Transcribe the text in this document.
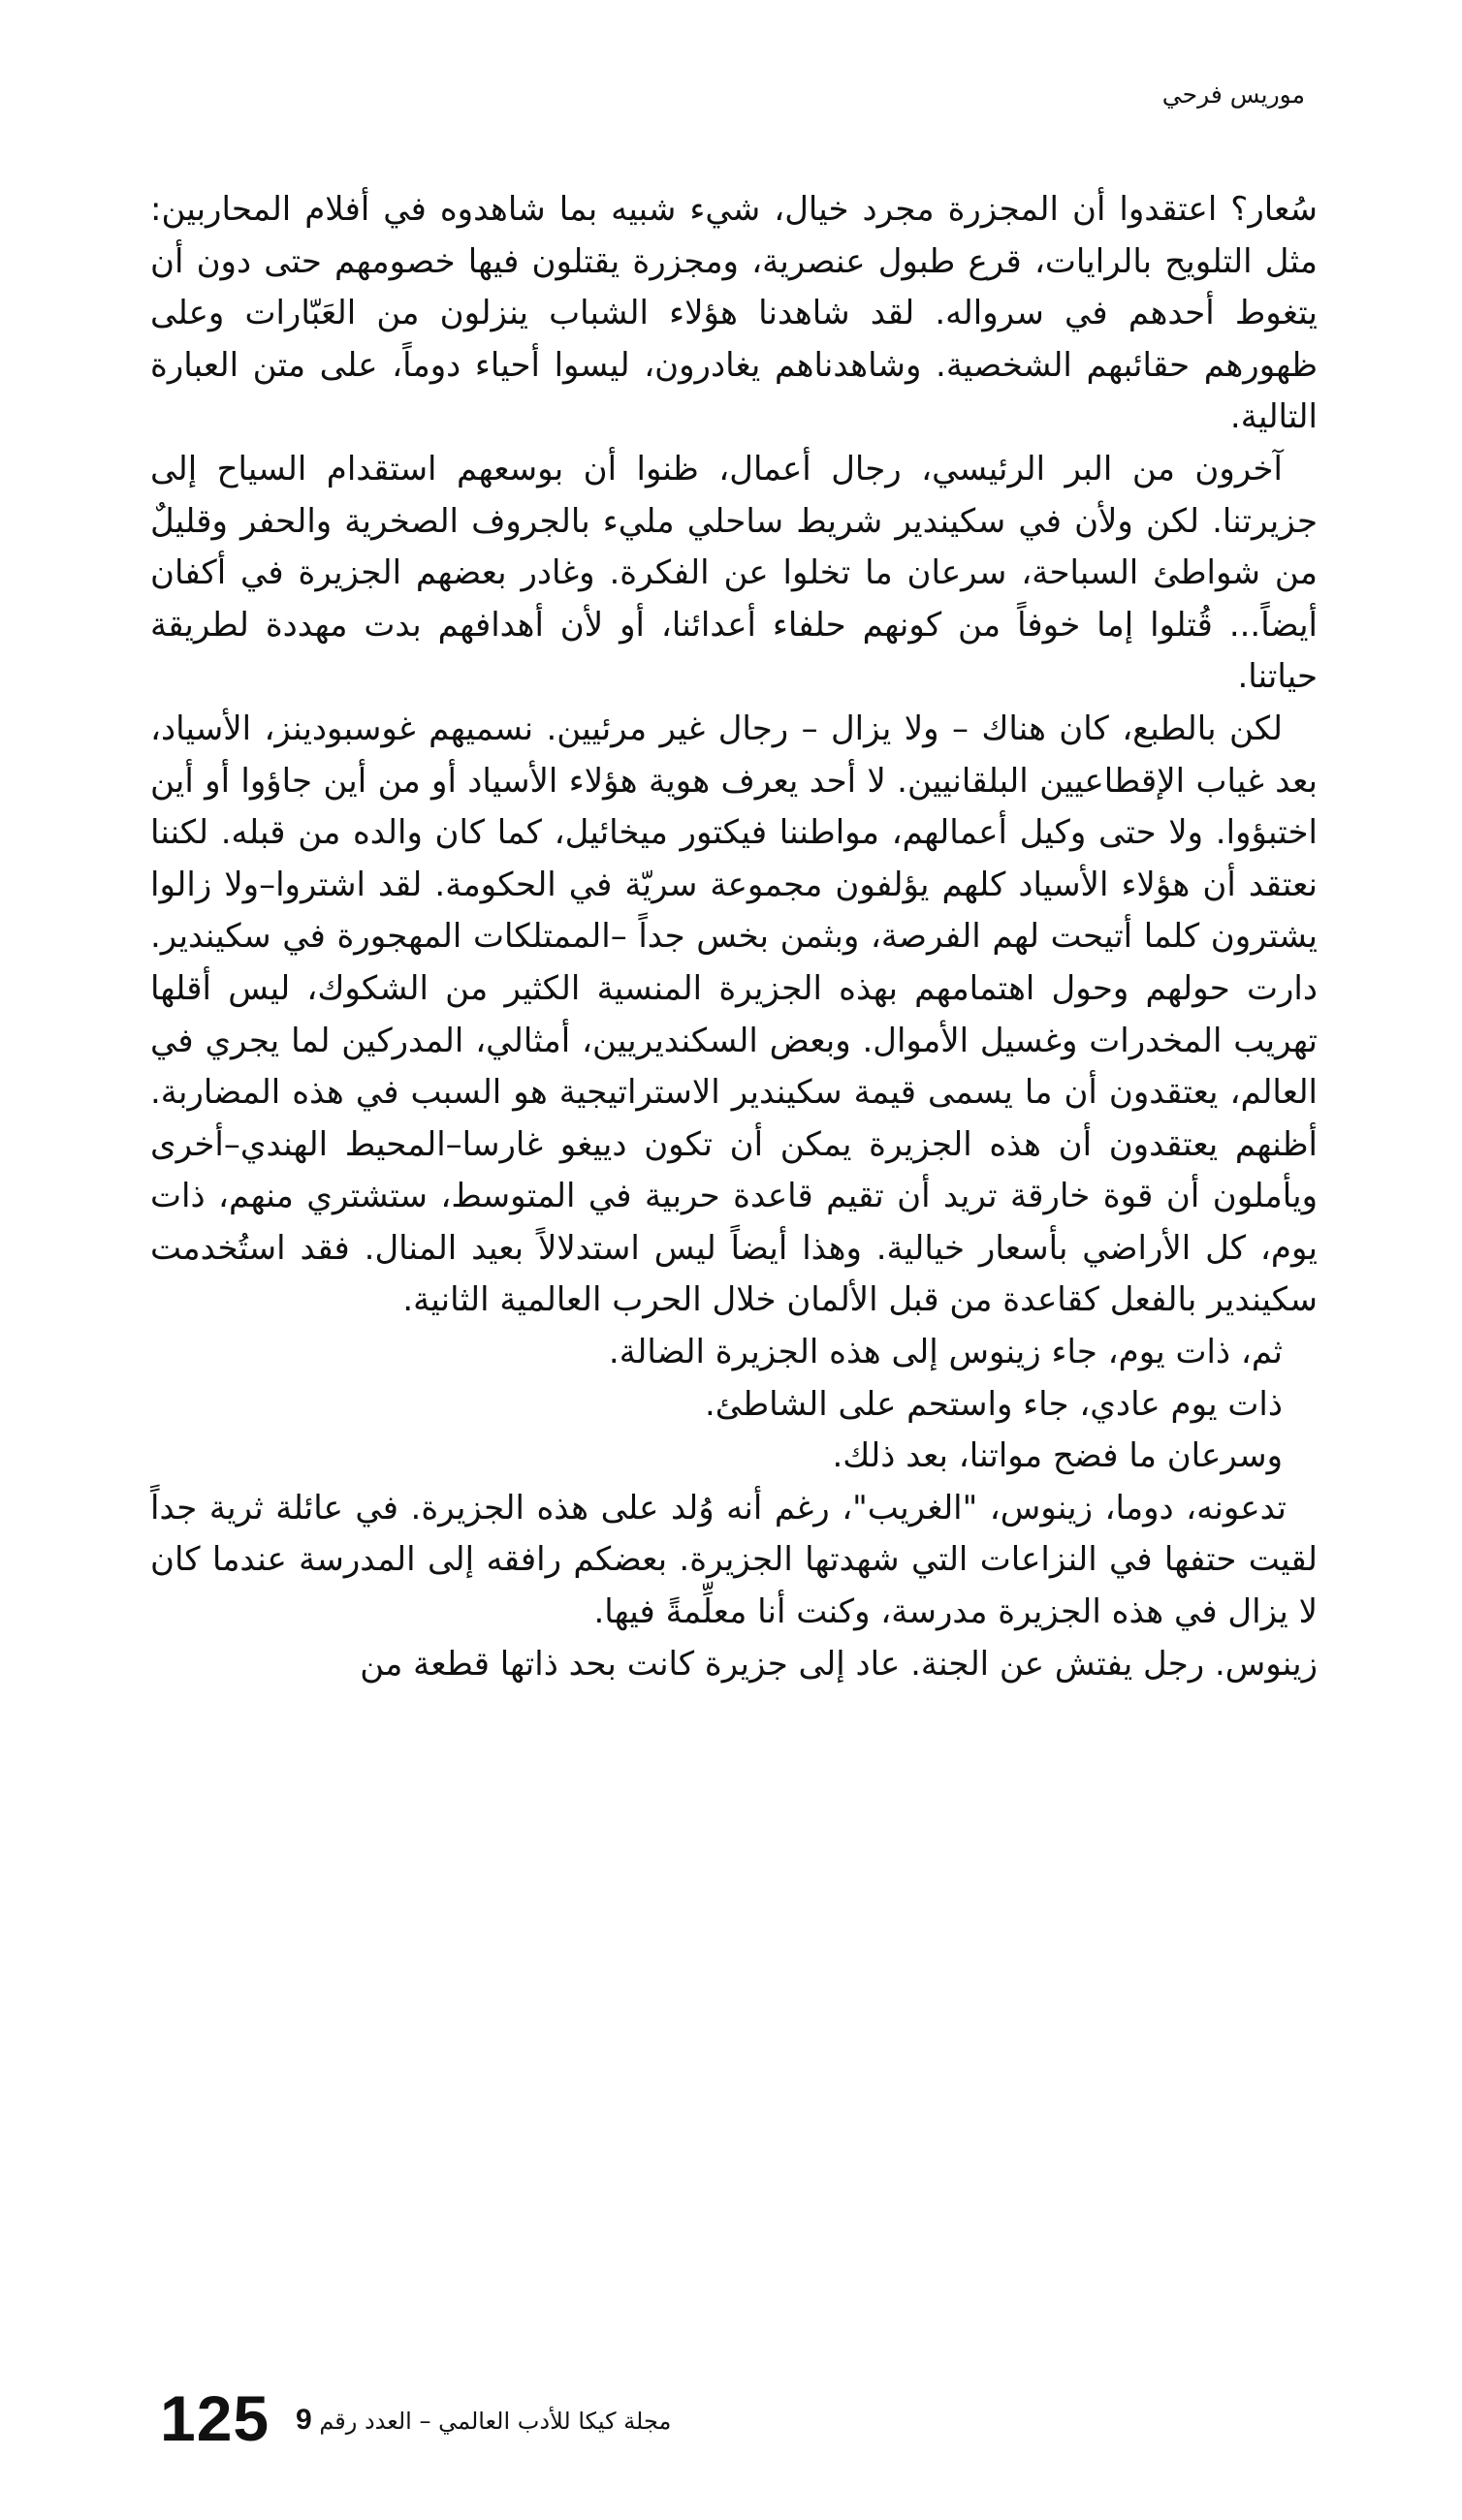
موريس فرحي

سُعار؟ اعتقدوا أن المجزرة مجرد خيال، شيء شبيه بما شاهدوه في أفلام المحاربين: مثل التلويح بالرايات، قرع طبول عنصرية، ومجزرة يقتلون فيها خصومهم حتى دون أن يتغوط أحدهم في سرواله. لقد شاهدنا هؤلاء الشباب ينزلون من العَبّارات وعلى ظهورهم حقائبهم الشخصية. وشاهدناهم يغادرون، ليسوا أحياء دوماً، على متن العبارة التالية.

آخرون من البر الرئيسي، رجال أعمال، ظنوا أن بوسعهم استقدام السياح إلى جزيرتنا. لكن ولأن في سكيندير شريط ساحلي مليء بالجروف الصخرية والحفر وقليلٌ من شواطئ السباحة، سرعان ما تخلوا عن الفكرة. وغادر بعضهم الجزيرة في أكفان أيضاً... قُتلوا إما خوفاً من كونهم حلفاء أعدائنا، أو لأن أهدافهم بدت مهددة لطريقة حياتنا.

لكن بالطبع، كان هناك – ولا يزال – رجال غير مرئيين. نسميهم غوسبودينز، الأسياد، بعد غياب الإقطاعيين البلقانيين. لا أحد يعرف هوية هؤلاء الأسياد أو من أين جاؤوا أو أين اختبؤوا. ولا حتى وكيل أعمالهم، مواطننا فيكتور ميخائيل، كما كان والده من قبله. لكننا نعتقد أن هؤلاء الأسياد كلهم يؤلفون مجموعة سريّة في الحكومة. لقد اشتروا–ولا زالوا يشترون كلما أتيحت لهم الفرصة، وبثمن بخس جداً –الممتلكات المهجورة في سكيندير. دارت حولهم وحول اهتمامهم بهذه الجزيرة المنسية الكثير من الشكوك، ليس أقلها تهريب المخدرات وغسيل الأموال. وبعض السكنديريين، أمثالي، المدركين لما يجري في العالم، يعتقدون أن ما يسمى قيمة سكيندير الاستراتيجية هو السبب في هذه المضاربة. أظنهم يعتقدون أن هذه الجزيرة يمكن أن تكون دييغو غارسا–المحيط الهندي–أخرى ويأملون أن قوة خارقة تريد أن تقيم قاعدة حربية في المتوسط، ستشتري منهم، ذات يوم، كل الأراضي بأسعار خيالية. وهذا أيضاً ليس استدلالاً بعيد المنال. فقد استُخدمت سكيندير بالفعل كقاعدة من قبل الألمان خلال الحرب العالمية الثانية.

ثم، ذات يوم، جاء زينوس إلى هذه الجزيرة الضالة.

ذات يوم عادي، جاء واستحم على الشاطئ.

وسرعان ما فضح مواتنا، بعد ذلك.

تدعونه، دوما، زينوس، "الغريب"، رغم أنه وُلد على هذه الجزيرة. في عائلة ثرية جداً لقيت حتفها في النزاعات التي شهدتها الجزيرة. بعضكم رافقه إلى المدرسة عندما كان لا يزال في هذه الجزيرة مدرسة، وكنت أنا معلِّمةً فيها.

زينوس. رجل يفتش عن الجنة. عاد إلى جزيرة كانت بحد ذاتها قطعة من

125	مجلة كيكا للأدب العالمي – العدد رقم 9
